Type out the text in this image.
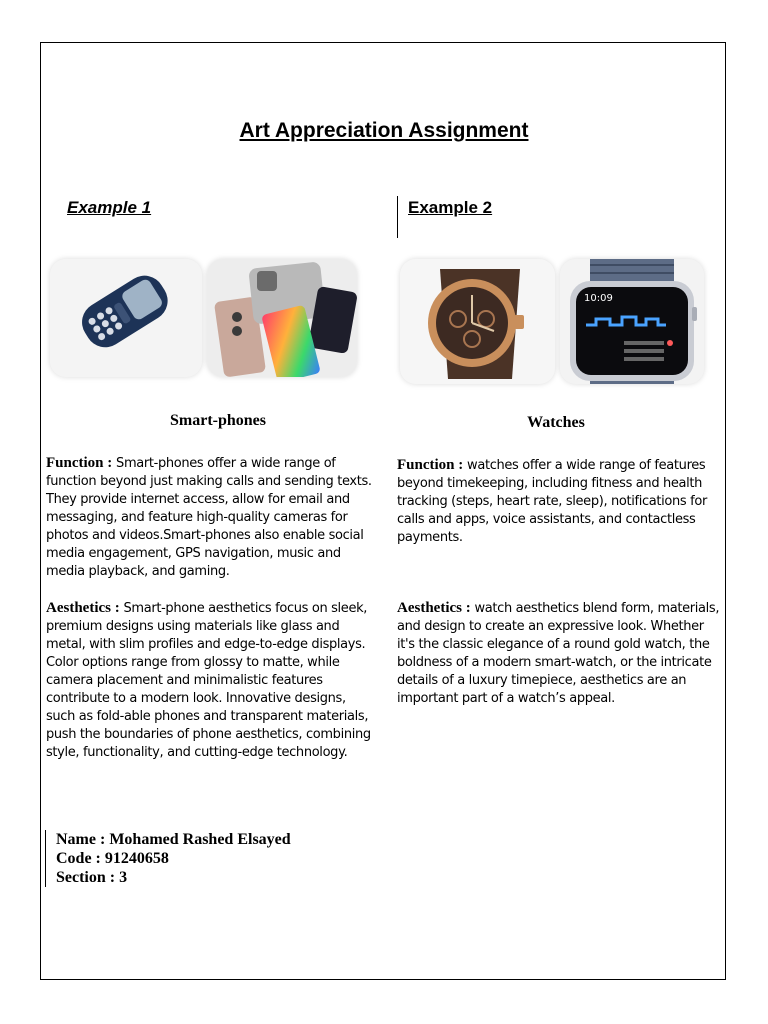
Art Appreciation Assignment
Example 1	Example 2
10:09
Smart-phones	Watches

Function : Smart-phones offer a wide range of function beyond just making calls and sending texts. They provide internet access, allow for email and messaging, and feature high-quality cameras for photos and videos.Smart-phones also enable social media engagement, GPS navigation, music and media playback, and gaming.

Aesthetics : Smart-phone aesthetics focus on sleek, premium designs using materials like glass and metal, with slim profiles and edge-to-edge displays. Color options range from glossy to matte, while camera placement and minimalistic features contribute to a modern look. Innovative designs, such as fold-able phones and transparent materials, push the boundaries of phone aesthetics, combining style, functionality, and cutting-edge technology.

Function : watches offer a wide range of features beyond timekeeping, including fitness and health tracking (steps, heart rate, sleep), notifications for calls and apps, voice assistants, and contactless payments.

Aesthetics : watch aesthetics blend form, materials, and design to create an expressive look. Whether it's the classic elegance of a round gold watch, the boldness of a modern smart-watch, or the intricate details of a luxury timepiece, aesthetics are an important part of a watch’s appeal.

Name : Mohamed Rashed Elsayed
Code : 91240658
Section : 3
